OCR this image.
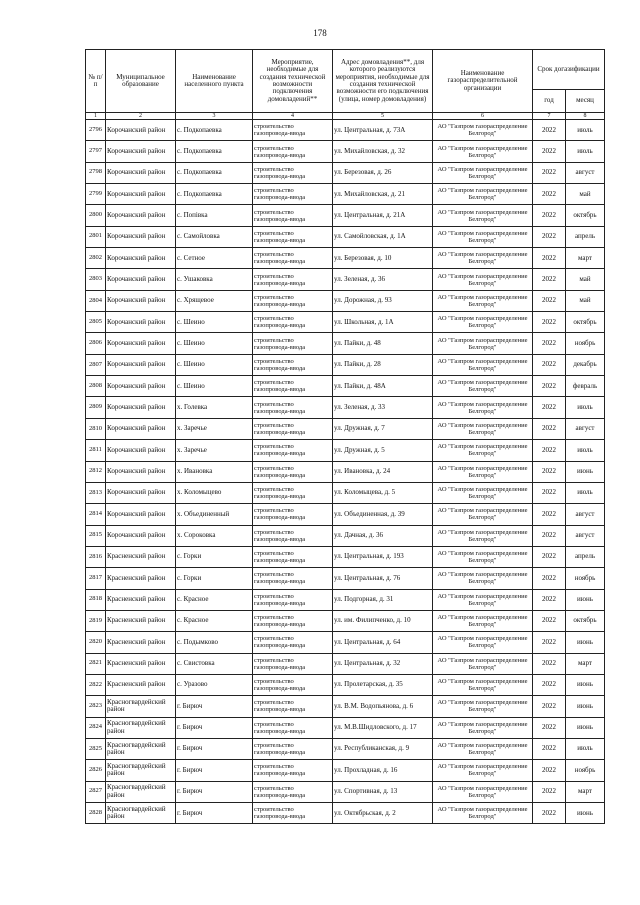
178
№ п/п	Муниципальное образование	Наименование населенного пункта	Мероприятие, необходимые для создания технической возможности подключения домовладений**	Адрес домовладения**, для которого реализуются мероприятия, необходимые для создания технической возможности его подключения (улица, номер домовладения)	Наименование газораспределительной организации	Срок догазификации	
						год	месяц
1	2	3	4	5	6	7	8
2796	Корочанский район	с. Подкопаевка	строительство газопровода-ввода	ул. Центральная, д. 73А	АО "Газпром газораспределение Белгород"	2022	июль
2797	Корочанский район	с. Подкопаевка	строительство газопровода-ввода	ул. Михайловская, д. 32	АО "Газпром газораспределение Белгород"	2022	июль
2798	Корочанский район	с. Подкопаевка	строительство газопровода-ввода	ул. Березовая, д. 26	АО "Газпром газораспределение Белгород"	2022	август
2799	Корочанский район	с. Подкопаевка	строительство газопровода-ввода	ул. Михайловская, д. 21	АО "Газпром газораспределение Белгород"	2022	май
2800	Корочанский район	с. Попівка	строительство газопровода-ввода	ул. Центральная, д. 21А	АО "Газпром газораспределение Белгород"	2022	октябрь
2801	Корочанский район	с. Самойловка	строительство газопровода-ввода	ул. Самойловская, д. 1А	АО "Газпром газораспределение Белгород"	2022	апрель
2802	Корочанский район	с. Сетное	строительство газопровода-ввода	ул. Березовая, д. 10	АО "Газпром газораспределение Белгород"	2022	март
2803	Корочанский район	с. Ушаковка	строительство газопровода-ввода	ул. Зеленая, д. 36	АО "Газпром газораспределение Белгород"	2022	май
2804	Корочанский район	с. Хрящевое	строительство газопровода-ввода	ул. Дорожная, д. 93	АО "Газпром газораспределение Белгород"	2022	май
2805	Корочанский район	с. Шеино	строительство газопровода-ввода	ул. Школьная, д. 1А	АО "Газпром газораспределение Белгород"	2022	октябрь
2806	Корочанский район	с. Шеино	строительство газопровода-ввода	ул. Пайки, д. 48	АО "Газпром газораспределение Белгород"	2022	ноябрь
2807	Корочанский район	с. Шеино	строительство газопровода-ввода	ул. Пайки, д. 28	АО "Газпром газораспределение Белгород"	2022	декабрь
2808	Корочанский район	с. Шеино	строительство газопровода-ввода	ул. Пайки, д. 48А	АО "Газпром газораспределение Белгород"	2022	февраль
2809	Корочанский район	х. Голевка	строительство газопровода-ввода	ул. Зеленая, д. 33	АО "Газпром газораспределение Белгород"	2022	июль
2810	Корочанский район	х. Заречье	строительство газопровода-ввода	ул. Дружная, д. 7	АО "Газпром газораспределение Белгород"	2022	август
2811	Корочанский район	х. Заречье	строительство газопровода-ввода	ул. Дружная, д. 5	АО "Газпром газораспределение Белгород"	2022	июль
2812	Корочанский район	х. Ивановка	строительство газопровода-ввода	ул. Ивановка, д. 24	АО "Газпром газораспределение Белгород"	2022	июнь
2813	Корочанский район	х. Коломыцево	строительство газопровода-ввода	ул. Коломыцева, д. 5	АО "Газпром газораспределение Белгород"	2022	июль
2814	Корочанский район	х. Объединенный	строительство газопровода-ввода	ул. Объединенная, д. 39	АО "Газпром газораспределение Белгород"	2022	август
2815	Корочанский район	х. Сороковка	строительство газопровода-ввода	ул. Дачная, д. 36	АО "Газпром газораспределение Белгород"	2022	август
2816	Красненский район	с. Горки	строительство газопровода-ввода	ул. Центральная, д. 193	АО "Газпром газораспределение Белгород"	2022	апрель
2817	Красненский район	с. Горки	строительство газопровода-ввода	ул. Центральная, д. 76	АО "Газпром газораспределение Белгород"	2022	ноябрь
2818	Красненский район	с. Красное	строительство газопровода-ввода	ул. Подгорная, д. 31	АО "Газпром газораспределение Белгород"	2022	июнь
2819	Красненский район	с. Красное	строительство газопровода-ввода	ул. им. Филипченко, д. 10	АО "Газпром газораспределение Белгород"	2022	октябрь
2820	Красненский район	с. Подымково	строительство газопровода-ввода	ул. Центральная, д. 64	АО "Газпром газораспределение Белгород"	2022	июнь
2821	Красненский район	с. Свистовка	строительство газопровода-ввода	ул. Центральная, д. 32	АО "Газпром газораспределение Белгород"	2022	март
2822	Красненский район	с. Уразово	строительство газопровода-ввода	ул. Пролетарская, д. 35	АО "Газпром газораспределение Белгород"	2022	июнь
2823	Красногвардейский район	г. Бирюч	строительство газопровода-ввода	ул. В.М. Водопьянова, д. 6	АО "Газпром газораспределение Белгород"	2022	июнь
2824	Красногвардейский район	г. Бирюч	строительство газопровода-ввода	ул. М.В.Шидловского, д. 17	АО "Газпром газораспределение Белгород"	2022	июнь
2825	Красногвардейский район	г. Бирюч	строительство газопровода-ввода	ул. Республиканская, д. 9	АО "Газпром газораспределение Белгород"	2022	июль
2826	Красногвардейский район	г. Бирюч	строительство газопровода-ввода	ул. Прохладная, д. 16	АО "Газпром газораспределение Белгород"	2022	ноябрь
2827	Красногвардейский район	г. Бирюч	строительство газопровода-ввода	ул. Спортивная, д. 13	АО "Газпром газораспределение Белгород"	2022	март
2828	Красногвардейский район	г. Бирюч	строительство газопровода-ввода	ул. Октябрьская, д. 2	АО "Газпром газораспределение Белгород"	2022	июнь
